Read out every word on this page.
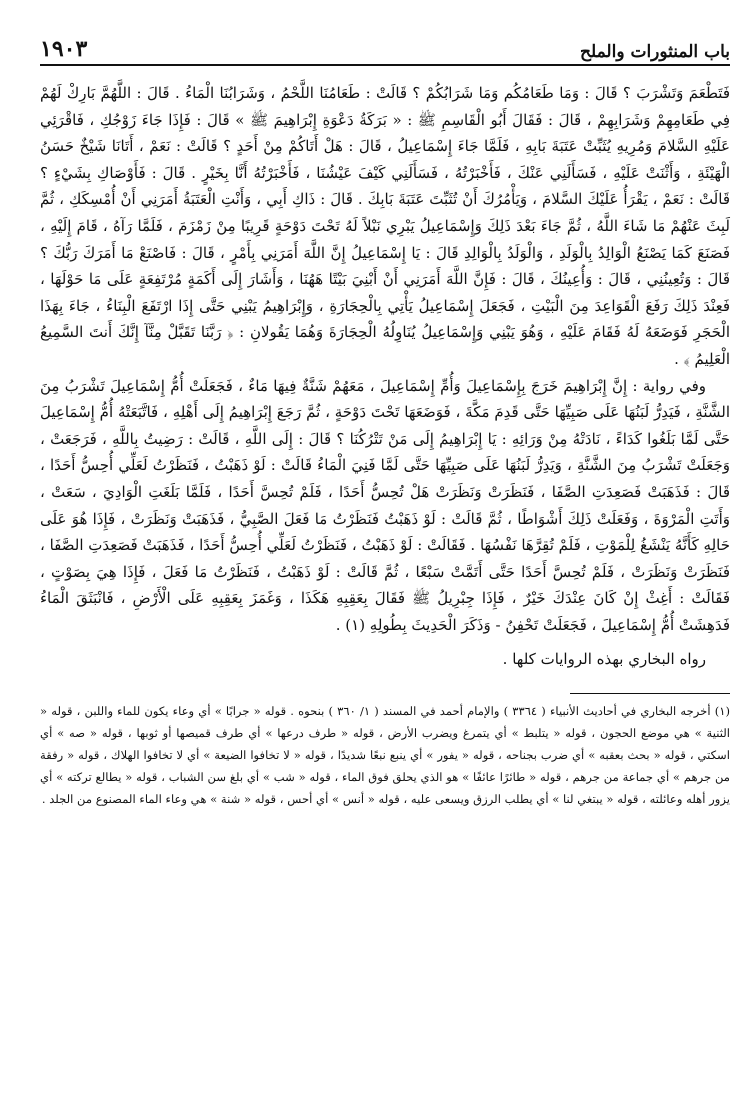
باب المنثورات والملح
١٩٠٣

فَتَطْعَمَ وَتَشْرَبَ ؟ قَالَ : وَمَا طَعَامُكُم وَمَا شَرَابُكُمْ ؟ قَالَتْ : طَعَامُنَا اللَّحْمُ ، وَشَرَابُنَا الْمَاءُ . قَالَ : اللَّهُمَّ بَارِكْ لَهُمْ فِي طَعَامِهِمْ وَشَرَابِهِمْ ، قَالَ : فَقَالَ أَبُو الْقَاسِمِ ﷺ : « بَرَكَةُ دَعْوَةِ إِبْرَاهِيمَ ﷺ » قَالَ : فَإِذَا جَاءَ زَوْجُكِ ، فَاقْرَئِي عَلَيْهِ السَّلامَ وَمُرِيهِ يُثَبِّتْ عَتَبَةَ بَابِهِ ، فَلَمَّا جَاءَ إِسْمَاعِيلُ ، قَالَ : هَلْ أَتَاكُمْ مِنْ أَحَدٍ ؟ قَالَتْ : نَعَمْ ، أَتَانَا شَيْخٌ حَسَنُ الْهَيْئَةِ ، وَأَثْنَتْ عَلَيْهِ ، فَسَأَلَنِي عَنْكَ ، فَأَخْبَرْتُهُ ، فَسَأَلَنِي كَيْفَ عَيْشُنَا ، فَأَخْبَرْتُهُ أَنَّا بِخَيْرٍ . قَالَ : فَأَوْصَاكِ بِشَيْءٍ ؟ قَالَتْ : نَعَمْ ، يَقْرَأُ عَلَيْكَ السَّلامَ ، وَيَأْمُرُكَ أَنْ تُثَبِّتَ عَتَبَةَ بَابِكَ . قَالَ : ذَاكِ أَبِي ، وَأَنْتِ الْعَتَبَةُ أَمَرَنِي أَنْ أُمْسِكَكِ ، ثُمَّ لَبِثَ عَنْهُمْ مَا شَاءَ اللَّهُ ، ثُمَّ جَاءَ بَعْدَ ذَلِكَ وَإِسْمَاعِيلُ يَبْرِي نَبْلاً لَهُ تَحْتَ دَوْحَةٍ قَرِيبًا مِنْ زَمْزَمَ ، فَلَمَّا رَآهُ ، قَامَ إِلَيْهِ ، فَصَنَعَ كَمَا يَصْنَعُ الْوَالِدُ بِالْوَلَدِ ، وَالْوَلَدُ بِالْوَالِدِ قَالَ : يَا إِسْمَاعِيلُ إِنَّ اللَّهَ أَمَرَنِي بِأَمْرٍ ، قَالَ : فَاصْنَعْ مَا أَمَرَكَ رَبُّكَ ؟ قَالَ : وَتُعِينُنِي ، قَالَ : وَأُعِينُكَ ، قَالَ : فَإِنَّ اللَّهَ أَمَرَنِي أَنْ أَبْنِيَ بَيْتًا هَهُنَا ، وَأَشَارَ إِلَى أَكَمَةٍ مُرْتَفِعَةٍ عَلَى مَا حَوْلَهَا ، فَعِنْدَ ذَلِكَ رَفَعَ الْقَوَاعِدَ مِنَ الْبَيْتِ ، فَجَعَلَ إِسْمَاعِيلُ يَأْتِي بِالْحِجَارَةِ ، وَإِبْرَاهِيمُ يَبْنِي حَتَّى إِذَا ارْتَفَعَ الْبِنَاءُ ، جَاءَ بِهَذَا الْحَجَرِ فَوَضَعَهُ لَهُ فَقَامَ عَلَيْهِ ، وَهُوَ يَبْنِي وَإِسْمَاعِيلُ يُنَاوِلُهُ الْحِجَارَةَ وَهُمَا يَقُولانِ : ﴿ رَبَّنَا تَقَبَّلْ مِنَّآ إِنَّكَ أَنتَ السَّمِيعُ الْعَلِيمُ ﴾ .

وفي رواية : إِنَّ إِبْرَاهِيمَ خَرَجَ بِإِسْمَاعِيلَ وَأُمِّ إِسْمَاعِيلَ ، مَعَهُمْ شَنَّةٌ فِيهَا مَاءٌ ، فَجَعَلَتْ أُمُّ إِسْمَاعِيلَ تَشْرَبُ مِنَ الشَّنَّةِ ، فَيَدِرُّ لَبَنُهَا عَلَى صَبِيِّهَا حَتَّى قَدِمَ مَكَّةَ ، فَوَضَعَهَا تَحْتَ دَوْحَةٍ ، ثُمَّ رَجَعَ إِبْرَاهِيمُ إِلَى أَهْلِهِ ، فَاتَّبَعَتْهُ أُمُّ إِسْمَاعِيلَ حَتَّى لَمَّا بَلَغُوا كَدَاءً ، نَادَتْهُ مِنْ وَرَائِهِ : يَا إِبْرَاهِيمُ إِلَى مَنْ تَتْرُكُنَا ؟ قَالَ : إِلَى اللَّهِ ، قَالَتْ : رَضِيتُ بِاللَّهِ ، فَرَجَعَتْ ، وَجَعَلَتْ تَشْرَبُ مِنَ الشَّنَّةِ ، وَيَدِرُّ لَبَنُهَا عَلَى صَبِيِّهَا حَتَّى لَمَّا فَنِيَ الْمَاءُ قَالَتْ : لَوْ ذَهَبْتُ ، فَنَظَرْتُ لَعَلِّي أُحِسُّ أَحَدًا ، قَالَ : فَذَهَبَتْ فَصَعِدَتِ الصَّفَا ، فَنَظَرَتْ وَنَظَرَتْ هَلْ تُحِسُّ أَحَدًا ، فَلَمْ تُحِسَّ أَحَدًا ، فَلَمَّا بَلَغَتِ الْوَادِيَ ، سَعَتْ ، وَأَتَتِ الْمَرْوَةَ ، وَفَعَلَتْ ذَلِكَ أَشْوَاطًا ، ثُمَّ قَالَتْ : لَوْ ذَهَبْتُ فَنَظَرْتُ مَا فَعَلَ الصَّبِيُّ ، فَذَهَبَتْ وَنَظَرَتْ ، فَإِذَا هُوَ عَلَى حَالِهِ كَأَنَّهُ يَنْشَغُ لِلْمَوْتِ ، فَلَمْ تُقِرَّهَا نَفْسُهَا . فَقَالَتْ : لَوْ ذَهَبْتُ ، فَنَظَرْتُ لَعَلِّي أُحِسُّ أَحَدًا ، فَذَهَبَتْ فَصَعِدَتِ الصَّفَا ، فَنَظَرَتْ وَنَظَرَتْ ، فَلَمْ تُحِسَّ أَحَدًا حَتَّى أَتَمَّتْ سَبْعًا ، ثُمَّ قَالَتْ : لَوْ ذَهَبْتُ ، فَنَظَرْتُ مَا فَعَلَ ، فَإِذَا هِيَ بِصَوْتٍ ، فَقَالَتْ : أَغِثْ إِنْ كَانَ عِنْدَكَ خَيْرٌ ، فَإِذَا جِبْرِيلُ ﷺ فَقَالَ بِعَقِبِهِ هَكَذَا ، وَغَمَزَ بِعَقِبِهِ عَلَى الْأَرْضِ ، فَانْبَثَقَ الْمَاءُ فَدَهِشَتْ أُمُّ إِسْمَاعِيلَ ، فَجَعَلَتْ تَحْفِنُ - وَذَكَرَ الْحَدِيثَ بِطُولِهِ (١) .

رواه البخاري بهذه الروايات كلها .

(١) أخرجه البخاري في أحاديث الأنبياء ( ٣٣٦٤ ) والإمام أحمد في المسند ( ١/ ٣٦٠ ) بنحوه . قوله « جرابًا » أي وعاء يكون للماء واللبن ، قوله « الثنية » هي موضع الحجون ، قوله « يتلبط » أي يتمرغ ويضرب الأرض ، قوله « طرف درعها » أي طرف قميصها أو ثوبها ، قوله « صه » أي اسكتي ، قوله « بحث بعقبه » أي ضرب بجناحه ، قوله « يفور » أي ينبع نبعًا شديدًا ، قوله « لا تخافوا الضيعة » أي لا تخافوا الهلاك ، قوله « رفقة من جرهم » أي جماعة من جرهم ، قوله « طائرًا عائفًا » هو الذي يحلق فوق الماء ، قوله « شب » أي بلغ سن الشباب ، قوله « يطالع تركته » أي يزور أهله وعائلته ، قوله « يبتغي لنا » أي يطلب الرزق ويسعى عليه ، قوله « أنس » أي أحس ، قوله « شنة » هي وعاء الماء المصنوع من الجلد .
